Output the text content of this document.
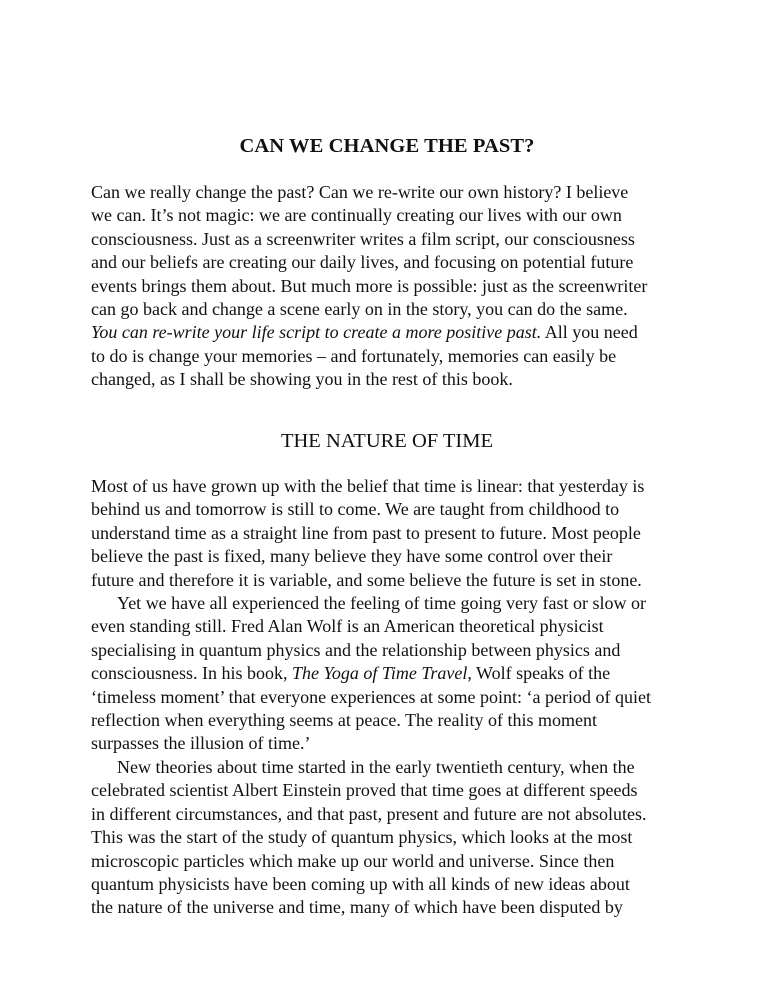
CAN WE CHANGE THE PAST?

Can we really change the past? Can we re-write our own history? I believe
we can. It’s not magic: we are continually creating our lives with our own
consciousness. Just as a screenwriter writes a film script, our consciousness
and our beliefs are creating our daily lives, and focusing on potential future
events brings them about. But much more is possible: just as the screenwriter
can go back and change a scene early on in the story, you can do the same.
You can re-write your life script to create a more positive past. All you need
to do is change your memories – and fortunately, memories can easily be
changed, as I shall be showing you in the rest of this book.

THE NATURE OF TIME

Most of us have grown up with the belief that time is linear: that yesterday is
behind us and tomorrow is still to come. We are taught from childhood to
understand time as a straight line from past to present to future. Most people
believe the past is fixed, many believe they have some control over their
future and therefore it is variable, and some believe the future is set in stone.

Yet we have all experienced the feeling of time going very fast or slow or
even standing still. Fred Alan Wolf is an American theoretical physicist
specialising in quantum physics and the relationship between physics and
consciousness. In his book, The Yoga of Time Travel, Wolf speaks of the
‘timeless moment’ that everyone experiences at some point: ‘a period of quiet
reflection when everything seems at peace. The reality of this moment
surpasses the illusion of time.’

New theories about time started in the early twentieth century, when the
celebrated scientist Albert Einstein proved that time goes at different speeds
in different circumstances, and that past, present and future are not absolutes.
This was the start of the study of quantum physics, which looks at the most
microscopic particles which make up our world and universe. Since then
quantum physicists have been coming up with all kinds of new ideas about
the nature of the universe and time, many of which have been disputed by
